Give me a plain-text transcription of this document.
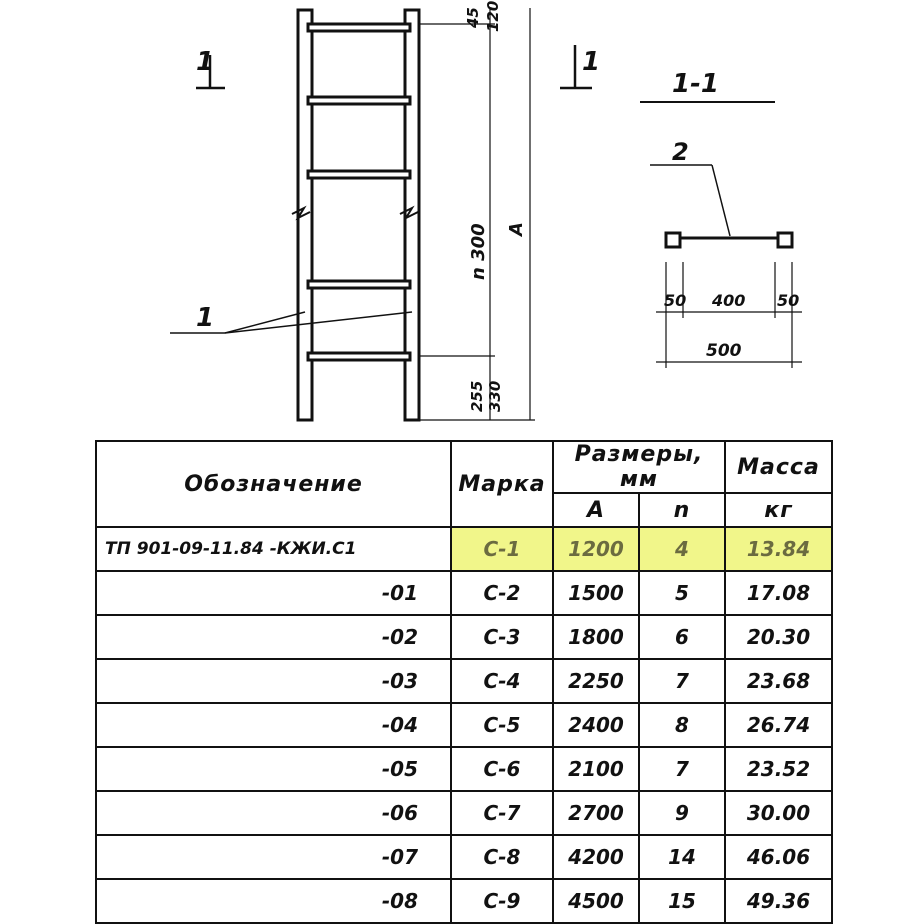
45 120
n 300 A
255 330
1	1
1
1-1
2
50 400 50
500
Обозначение	Марка	Размеры, мм		Масса
		А	n	кг
ТП 901-09-11.84 -КЖИ.С1	С-1	1200	4	13.84
-01	С-2	1500	5	17.08
-02	С-3	1800	6	20.30
-03	С-4	2250	7	23.68
-04	С-5	2400	8	26.74
-05	С-6	2100	7	23.52
-06	С-7	2700	9	30.00
-07	С-8	4200	14	46.06
-08	С-9	4500	15	49.36
